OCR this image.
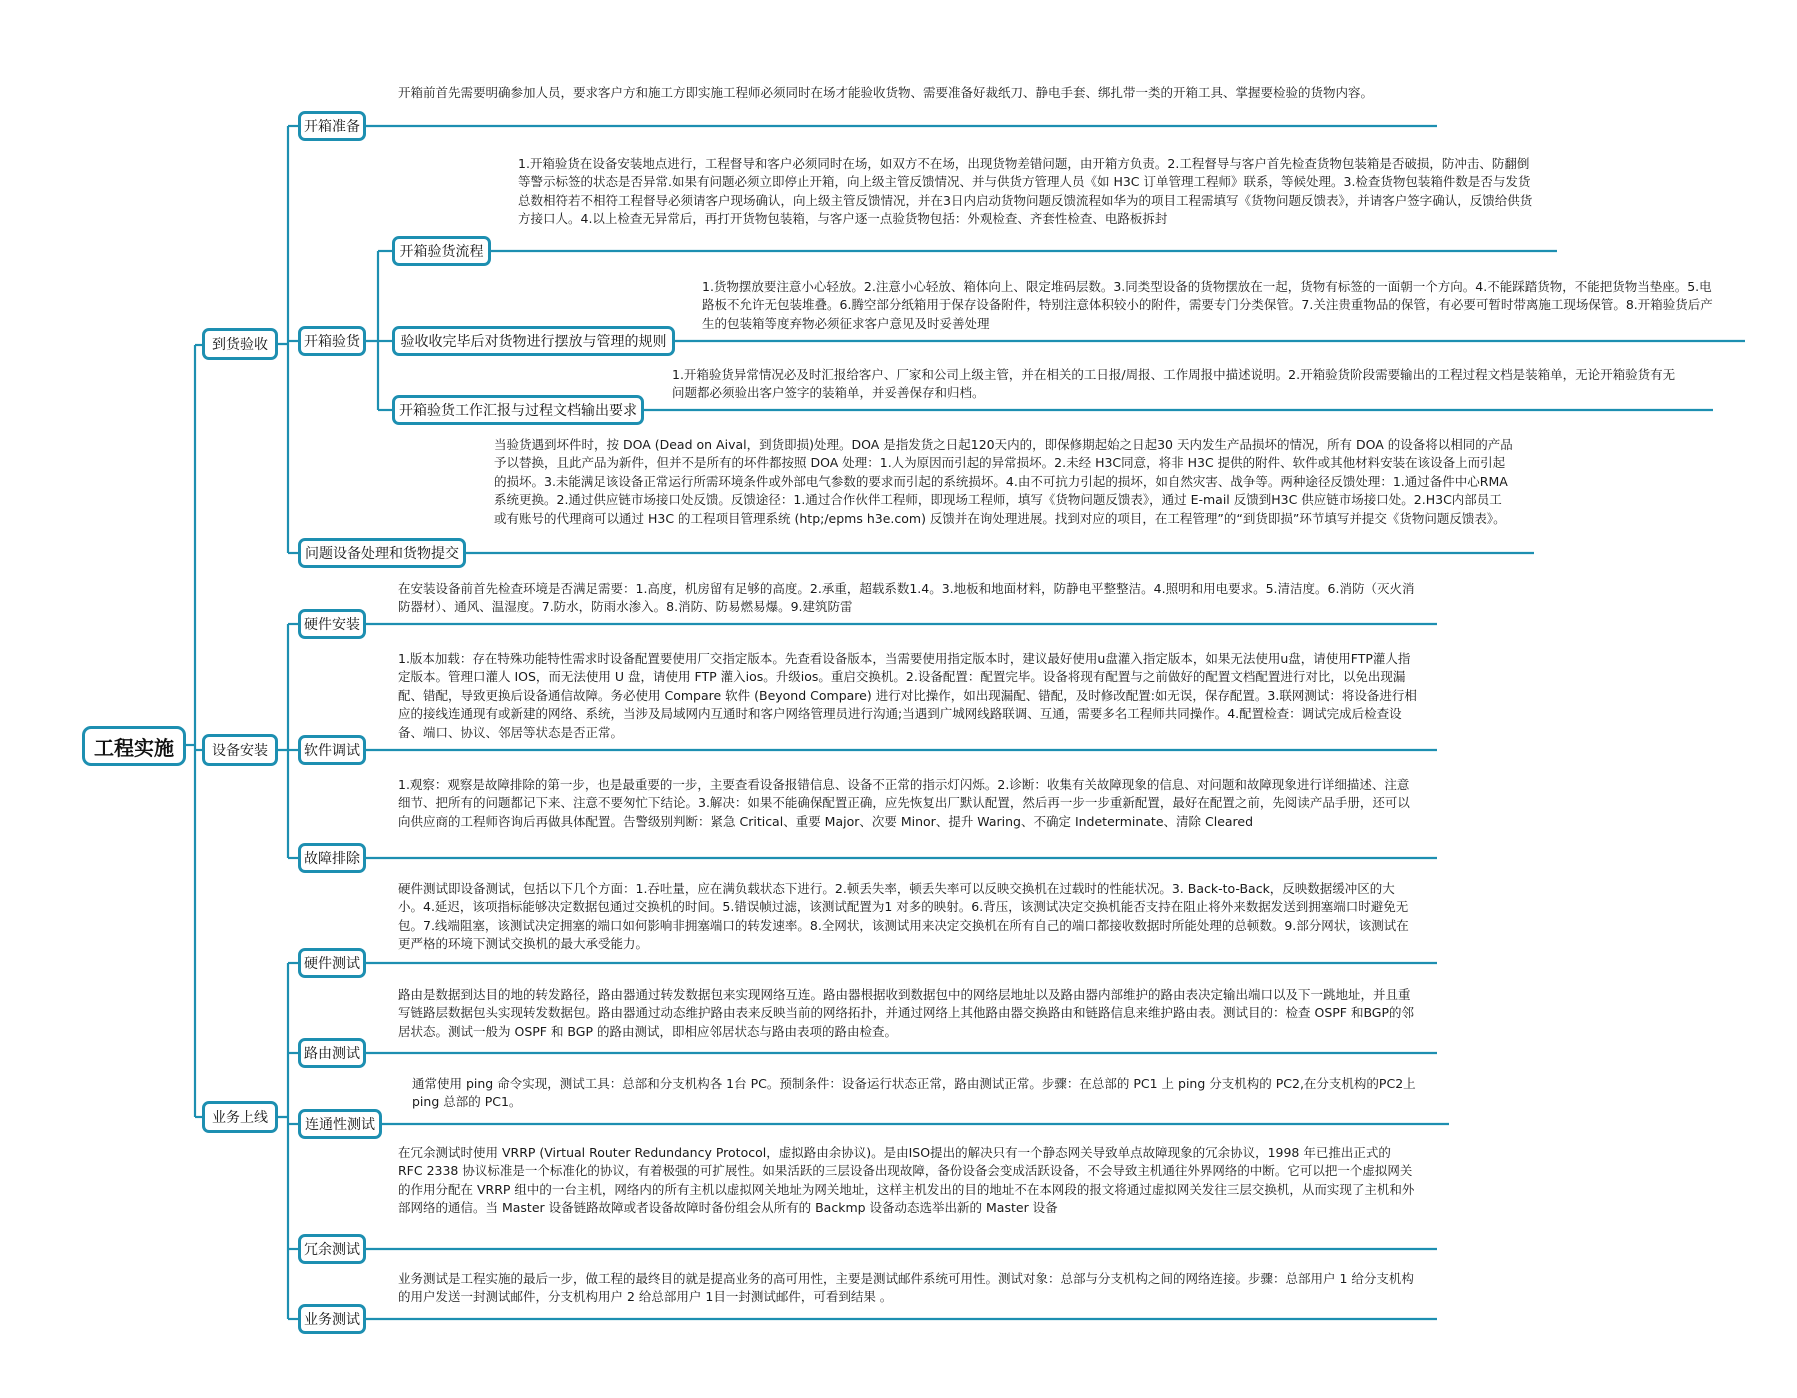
工程实施
到货验收
设备安装
业务上线
开箱准备
开箱验货
问题设备处理和货物提交
开箱验货流程
验收收完毕后对货物进行摆放与管理的规则
开箱验货工作汇报与过程文档输出要求
硬件安装
软件调试
故障排除
硬件测试
路由测试
连通性测试
冗余测试
业务测试

开箱前首先需要明确参加人员，要求客户方和施工方即实施工程师必须同时在场才能验收货物、需要准备好裁纸刀、静电手套、绑扎带一类的开箱工具、掌握要检验的货物内容。

1.开箱验货在设备安装地点进行，工程督导和客户必须同时在场，如双方不在场，出现货物差错问题，由开箱方负责。2.工程督导与客户首先检查货物包装箱是否破损，防冲击、防翻倒等警示标签的状态是否异常.如果有问题必须立即停止开箱，向上级主管反馈情况、并与供货方管理人员《如 H3C 订单管理工程师》联系，等候处理。3.检查货物包装箱件数是否与发货总数相符若不相符工程督导必须请客户现场确认，向上级主管反馈情况，并在3日内启动货物问题反馈流程如华为的项目工程需填写《货物问题反馈表》，并请客户签字确认，反馈给供货方接口人。4.以上检查无异常后，再打开货物包装箱，与客户逐一点验货物包括：外观检查、齐套性检查、电路板拆封

1.货物摆放要注意小心轻放。2.注意小心轻放、箱体向上、限定堆码层数。3.同类型设备的货物摆放在一起，货物有标签的一面朝一个方向。4.不能踩踏货物，不能把货物当垫座。5.电路板不允许无包装堆叠。6.腾空部分纸箱用于保存设备附件，特别注意体积较小的附件，需要专门分类保管。7.关注贵重物品的保管，有必要可暂时带离施工现场保管。8.开箱验货后产生的包装箱等度弃物必须征求客户意见及时妥善处理

1.开箱验货异常情况必及时汇报给客户、厂家和公司上级主管，并在相关的工日报/周报、工作周报中描述说明。2.开箱验货阶段需要输出的工程过程文档是装箱单，无论开箱验货有无问题都必须验出客户签字的装箱单，并妥善保存和归档。

当验货遇到坏件时，按 DOA (Dead on Aival，到货即损)处理。DOA 是指发货之日起120天内的，即保修期起始之日起30 天内发生产品损坏的情况，所有 DOA 的设备将以相同的产品予以替换，且此产品为新件，但并不是所有的坏件都按照 DOA 处理：1.人为原因而引起的异常损坏。2.未经 H3C同意，将非 H3C 提供的附件、软件或其他材料安装在该设备上而引起的损坏。3.未能满足该设备正常运行所需环境条件或外部电气参数的要求而引起的系统损坏。4.由不可抗力引起的损坏，如自然灾害、战争等。两种途径反馈处理：1.通过备件中心RMA系统更换。2.通过供应链市场接口处反馈。反馈途径：1.通过合作伙伴工程师，即现场工程师，填写《货物问题反馈表》，通过 E-mail 反馈到H3C 供应链市场接口处。2.H3C内部员工或有账号的代理商可以通过 H3C 的工程项目管理系统 (htp;/epms h3e.com) 反馈并在询处理进展。找到对应的项目，在工程管理”的“到货即损”环节填写并提交《货物问题反馈表》。

在安装设备前首先检查环境是否满足需要：1.高度，机房留有足够的高度。2.承重，超载系数1.4。3.地板和地面材料，防静电平整整洁。4.照明和用电要求。5.清洁度。6.消防（灭火消防器材）、通风、温湿度。7.防水，防雨水渗入。8.消防、防易燃易爆。9.建筑防雷

1.版本加载：存在特殊功能特性需求时设备配置要使用厂交指定版本。先查看设备版本，当需要使用指定版本时，建议最好使用u盘灌入指定版本，如果无法使用u盘，请使用FTP灌人指定版本。管理口灌人 IOS，而无法使用 U 盘，请使用 FTP 灌入ios。升级ios。重启交换机。2.设备配置：配置完毕。设备将现有配置与之前做好的配置文档配置进行对比，以免出现漏配、错配，导致更换后设备通信故障。务必使用 Compare 软件 (Beyond Compare) 进行对比操作，如出现漏配、错配，及时修改配置:如无误，保存配置。3.联网测试：将设备进行相应的接线连通现有或新建的网络、系统，当涉及局域网内互通时和客户网络管理员进行沟通;当遇到广城网线路联调、互通，需要多名工程师共同操作。4.配置检查：调试完成后检查设备、端口、协议、邻居等状态是否正常。

1.观察：观察是故障排除的第一步，也是最重要的一步，主要查看设备报错信息、设备不正常的指示灯闪烁。2.诊断：收集有关故障现象的信息、对问题和故障现象进行详细描述、注意细节、把所有的问题都记下来、注意不要匆忙下结论。3.解决：如果不能确保配置正确，应先恢复出厂默认配置，然后再一步一步重新配置，最好在配置之前，先阅读产品手册，还可以向供应商的工程师咨询后再做具体配置。告警级别判断：紧急 Critical、重要 Major、次要 Minor、提升 Waring、不确定 Indeterminate、清除 Cleared

硬件测试即设备测试，包括以下几个方面：1.吞吐量，应在满负载状态下进行。2.顿丢失率，顿丢失率可以反映交换机在过载时的性能状况。3. Back-to-Back，反映数据缓冲区的大小。4.延迟，该项指标能够决定数据包通过交换机的时间。5.错误帧过滤，该测试配置为1 对多的映射。6.背压，该测试决定交换机能否支持在阻止将外来数据发送到拥塞端口时避免无包。7.线端阻塞，该测试决定拥塞的端口如何影响非拥塞端口的转发速率。8.全网状，该测试用来决定交换机在所有自己的端口都接收数据时所能处理的总顿数。9.部分网状，该测试在更严格的环境下测试交换机的最大承受能力。

路由是数据到达目的地的转发路径，路由器通过转发数据包来实现网络互连。路由器根据收到数据包中的网络层地址以及路由器内部维护的路由表决定输出端口以及下一跳地址，并且重写链路层数据包头实现转发数据包。路由器通过动态维护路由表来反映当前的网络拓扑，并通过网络上其他路由器交换路由和链路信息来维护路由表。测试目的：检查 OSPF 和BGP的邻居状态。测试一般为 OSPF 和 BGP 的路由测试，即相应邻居状态与路由表项的路由检查。

通常使用 ping 命令实现，测试工具：总部和分支机构各 1台 PC。预制条件：设备运行状态正常，路由测试正常。步骤：在总部的 PC1 上 ping 分支机构的 PC2,在分支机构的PC2上 ping 总部的 PC1。

在冗余测试时使用 VRRP (Virtual Router Redundancy Protocol，虚拟路由余协议)。是由ISO提出的解决只有一个静态网关导致单点故障现象的冗余协议，1998 年已推出正式的 RFC 2338 协议标准是一个标准化的协议，有着极强的可扩展性。如果活跃的三层设备出现故障，备份设备会变成活跃设备，不会导致主机通往外界网络的中断。它可以把一个虚拟网关的作用分配在 VRRP 组中的一台主机，网络内的所有主机以虚拟网关地址为网关地址，这样主机发出的目的地址不在本网段的报文将通过虚拟网关发往三层交换机，从而实现了主机和外部网络的通信。当 Master 设备链路故障或者设备故障时备份组会从所有的 Backmp 设备动态选举出新的 Master 设备

业务测试是工程实施的最后一步，做工程的最终目的就是提高业务的高可用性，主要是测试邮件系统可用性。测试对象：总部与分支机构之间的网络连接。步骤：总部用户 1 给分支机构的用户发送一封测试邮件，分支机构用户 2 给总部用户 1目一封测试邮件，可看到结果 。
